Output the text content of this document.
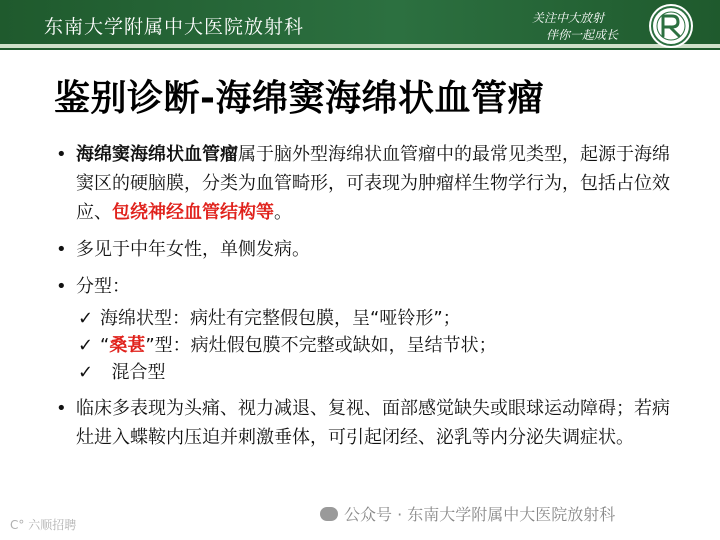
东南大学附属中大医院放射科	关注中大放射
伴你一起成长
鉴别诊断-海绵窦海绵状血管瘤
• 海绵窦海绵状血管瘤属于脑外型海绵状血管瘤中的最常见类型，起源于海绵窦区的硬脑膜，分类为血管畸形，可表现为肿瘤样生物学行为，包括占位效应、包绕神经血管结构等。
• 多见于中年女性，单侧发病。
• 分型：
✓ 海绵状型：病灶有完整假包膜，呈“哑铃形”；
✓ “桑葚”型：病灶假包膜不完整或缺如，呈结节状；
✓ 混合型
• 临床多表现为头痛、视力减退、复视、面部感觉缺失或眼球运动障碍；若病灶进入蝶鞍内压迫并刺激垂体，可引起闭经、泌乳等内分泌失调症状。
公众号 · 东南大学附属中大医院放射科
C° 六顺招聘
